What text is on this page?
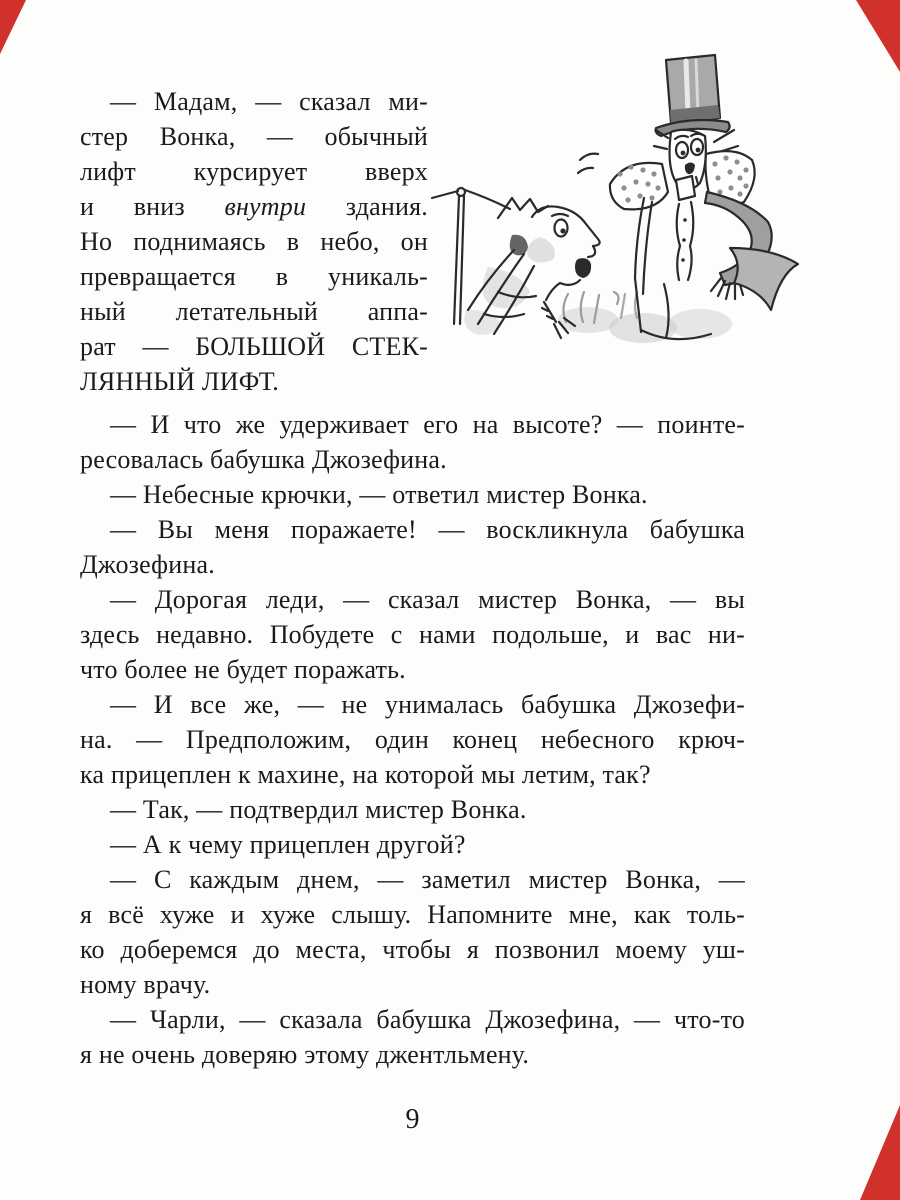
— Мадам, — сказал ми-
стер Вонка, — обычный
лифт курсирует вверх
и вниз внутри здания.
Но поднимаясь в небо, он
превращается в уникаль-
ный летательный аппа-
рат — БОЛЬШОЙ СТЕК-
ЛЯННЫЙ ЛИФТ.
— И что же удерживает его на высоте? — поинте-
ресовалась бабушка Джозефина.
— Небесные крючки, — ответил мистер Вонка.
— Вы меня поражаете! — воскликнула бабушка
Джозефина.
— Дорогая леди, — сказал мистер Вонка, — вы
здесь недавно. Побудете с нами подольше, и вас ни-
что более не будет поражать.
— И все же, — не унималась бабушка Джозефи-
на. — Предположим, один конец небесного крюч-
ка прицеплен к махине, на которой мы летим, так?
— Так, — подтвердил мистер Вонка.
— А к чему прицеплен другой?
— С каждым днем, — заметил мистер Вонка, —
я всё хуже и хуже слышу. Напомните мне, как толь-
ко доберемся до места, чтобы я позвонил моему уш-
ному врачу.
— Чарли, — сказала бабушка Джозефина, — что-то
я не очень доверяю этому джентльмену.
9
